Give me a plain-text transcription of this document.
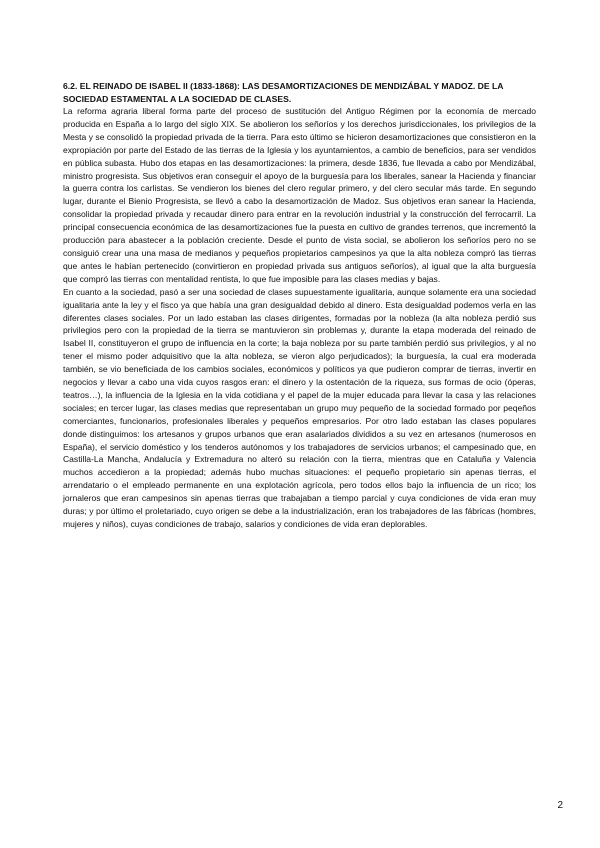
6.2. EL REINADO DE ISABEL II (1833-1868): LAS DESAMORTIZACIONES DE MENDIZÁBAL Y MADOZ. DE LA SOCIEDAD ESTAMENTAL A LA SOCIEDAD DE CLASES.

La reforma agraria liberal forma parte del proceso de sustitución del Antiguo Régimen por la economía de mercado producida en España a lo largo del siglo XIX. Se abolieron los señoríos y los derechos jurisdiccionales, los privilegios de la Mesta y se consolidó la propiedad privada de la tierra. Para esto último se hicieron desamortizaciones que consistieron en la expropiación por parte del Estado de las tierras de la Iglesia y los ayuntamientos, a cambio de beneficios, para ser vendidos en pública subasta. Hubo dos etapas en las desamortizaciones: la primera, desde 1836, fue llevada a cabo por Mendizábal, ministro progresista. Sus objetivos eran conseguir el apoyo de la burguesía para los liberales, sanear la Hacienda y financiar la guerra contra los carlistas. Se vendieron los bienes del clero regular primero, y del clero secular más tarde. En segundo lugar, durante el Bienio Progresista, se llevó a cabo la desamortización de Madoz. Sus objetivos eran sanear la Hacienda, consolidar la propiedad privada y recaudar dinero para entrar en la revolución industrial y la construcción del ferrocarril. La principal consecuencia económica de las desamortizaciones fue la puesta en cultivo de grandes terrenos, que incrementó la producción para abastecer a la población creciente. Desde el punto de vista social, se abolieron los señoríos pero no se consiguió crear una una masa de medianos y pequeños propietarios campesinos ya que la alta nobleza compró las tierras que antes le habían pertenecido (convirtieron en propiedad privada sus antiguos señoríos), al igual que la alta burguesía que compró las tierras con mentalidad rentista, lo que fue imposible para las clases medias y bajas.

En cuanto a la sociedad, pasó a ser una sociedad de clases supuestamente igualitaria, aunque solamente era una sociedad igualitaria ante la ley y el fisco ya que había una gran desigualdad debido al dinero. Esta desigualdad podemos verla en las diferentes clases sociales. Por un lado estaban las clases dirigentes, formadas por la nobleza (la alta nobleza perdió sus privilegios pero con la propiedad de la tierra se mantuvieron sin problemas y, durante la etapa moderada del reinado de Isabel II, constituyeron el grupo de influencia en la corte; la baja nobleza por su parte también perdió sus privilegios, y al no tener el mismo poder adquisitivo que la alta nobleza, se vieron algo perjudicados); la burguesía, la cual era moderada también, se vio beneficiada de los cambios sociales, económicos y políticos ya que pudieron comprar de tierras, invertir en negocios y llevar a cabo una vida cuyos rasgos eran: el dinero y la ostentación de la riqueza, sus formas de ocio (óperas, teatros…), la influencia de la Iglesia en la vida cotidiana y el papel de la mujer educada para llevar la casa y las relaciones sociales; en tercer lugar, las clases medias que representaban un grupo muy pequeño de la sociedad formado por peqeños comerciantes, funcionarios, profesionales liberales y pequeños empresarios. Por otro lado estaban las clases populares donde distinguimos: los artesanos y grupos urbanos que eran asalariados divididos a su vez en artesanos (numerosos en España), el servicio doméstico y los tenderos autónomos y los trabajadores de servicios urbanos; el campesinado que, en Castilla-La Mancha, Andalucía y Extremadura no alteró su relación con la tierra, mientras que en Cataluña y Valencia muchos accedieron a la propiedad; además hubo muchas situaciones: el pequeño propietario sin apenas tierras, el arrendatario o el empleado permanente en una explotación agrícola, pero todos ellos bajo la influencia de un rico; los jornaleros que eran campesinos sin apenas tierras que trabajaban a tiempo parcial y cuya condiciones de vida eran muy duras; y por último el proletariado, cuyo origen se debe a la industrialización, eran los trabajadores de las fábricas (hombres, mujeres y niños), cuyas condiciones de trabajo, salarios y condiciones de vida eran deplorables.

2
